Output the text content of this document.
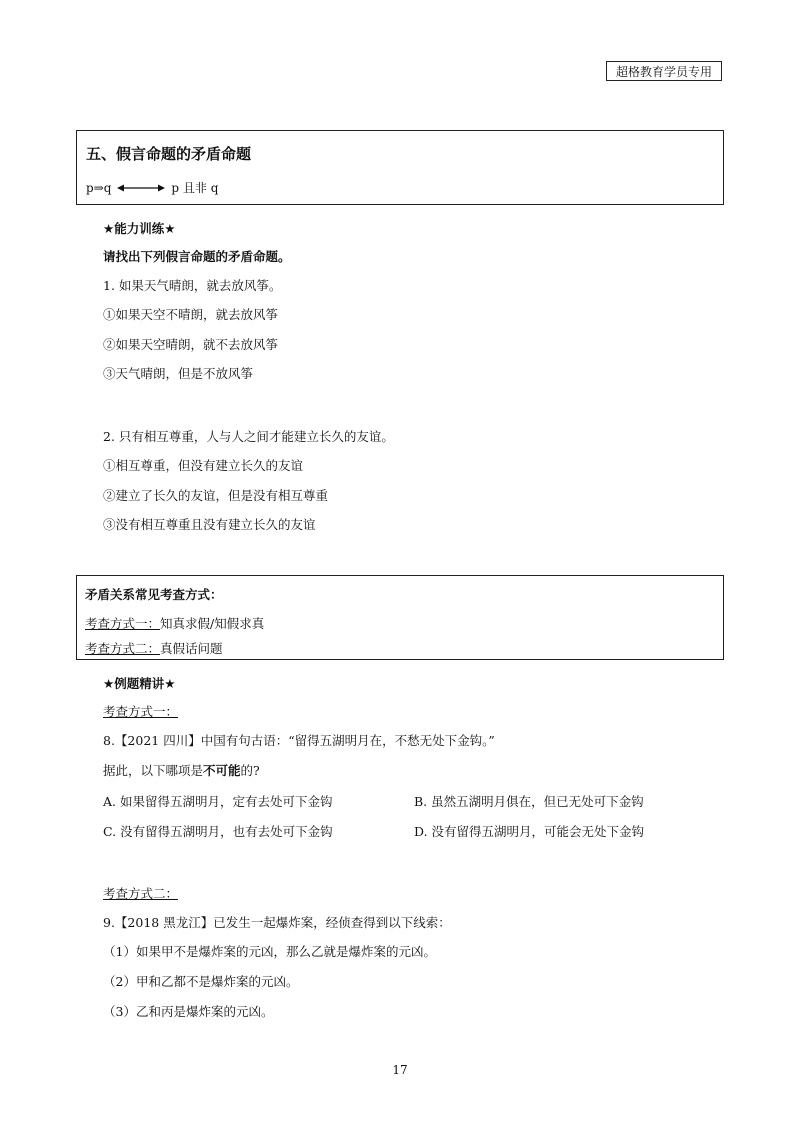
超格教育学员专用
五、假言命题的矛盾命题
p⇒q	p 且非 q
★能力训练★
请找出下列假言命题的矛盾命题。
1. 如果天气晴朗，就去放风筝。
①如果天空不晴朗，就去放风筝
②如果天空晴朗，就不去放风筝
③天气晴朗，但是不放风筝
2. 只有相互尊重，人与人之间才能建立长久的友谊。
①相互尊重，但没有建立长久的友谊
②建立了长久的友谊，但是没有相互尊重
③没有相互尊重且没有建立长久的友谊
矛盾关系常见考查方式：
考查方式一：知真求假/知假求真
考查方式二：真假话问题
★例题精讲★
考查方式一：
8.【2021 四川】中国有句古语：“留得五湖明月在，不愁无处下金钩。”
据此，以下哪项是不可能的?
A. 如果留得五湖明月，定有去处可下金钩	B. 虽然五湖明月俱在，但已无处可下金钩
C. 没有留得五湖明月，也有去处可下金钩	D. 没有留得五湖明月，可能会无处下金钩
考查方式二：
9.【2018 黑龙江】已发生一起爆炸案，经侦查得到以下线索：
（1）如果甲不是爆炸案的元凶，那么乙就是爆炸案的元凶。
（2）甲和乙都不是爆炸案的元凶。
（3）乙和丙是爆炸案的元凶。
17
